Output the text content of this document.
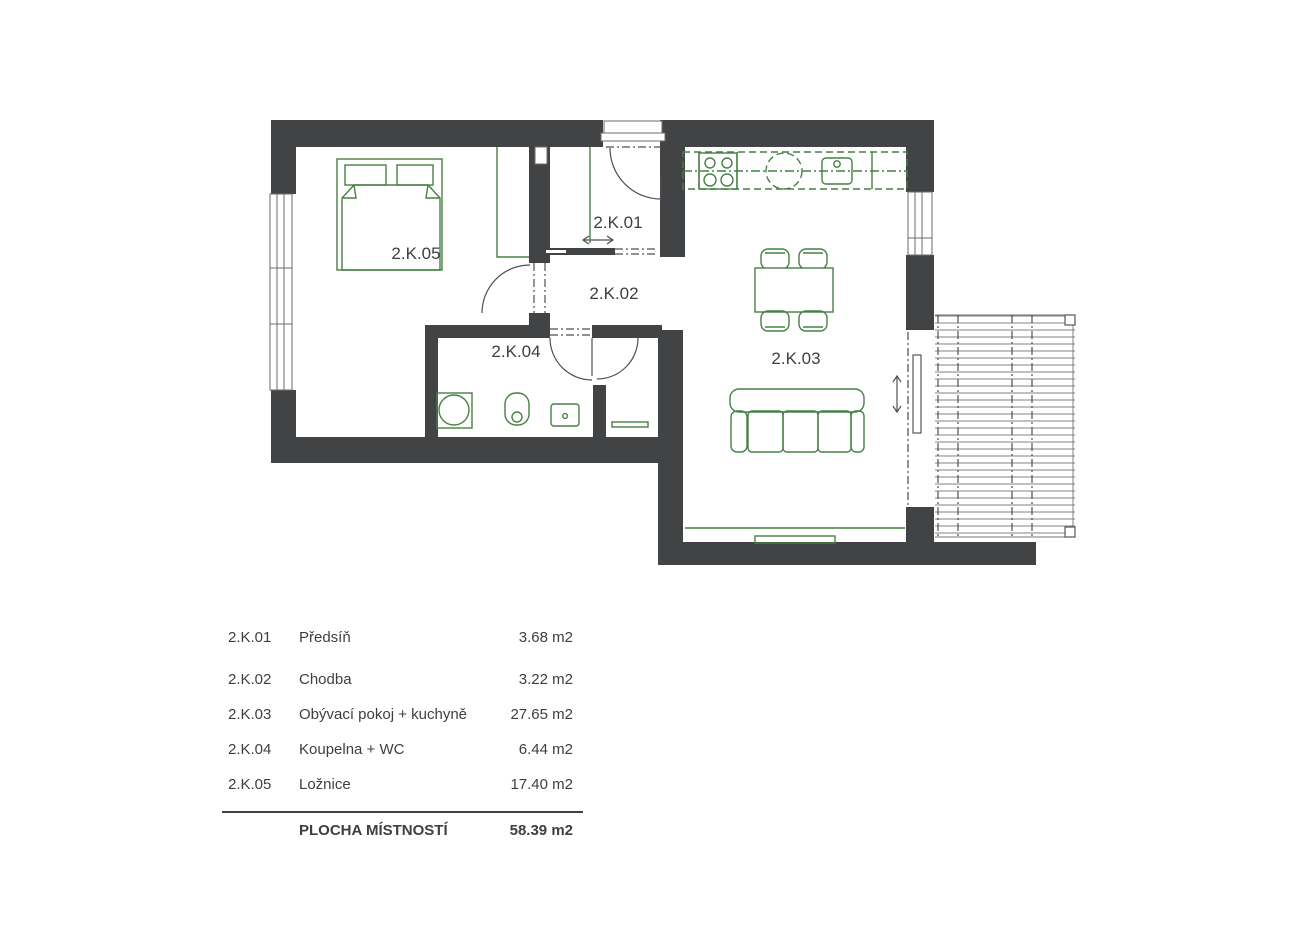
2.K.05
2.K.01
2.K.02
2.K.04	2.K.03
2.K.01	Předsíň	3.68 m2
2.K.02	Chodba	3.22 m2
2.K.03	Obývací pokoj + kuchyně	27.65 m2
2.K.04	Koupelna + WC	6.44 m2
2.K.05	Ložnice	17.40 m2
PLOCHA MÍSTNOSTÍ	58.39 m2
